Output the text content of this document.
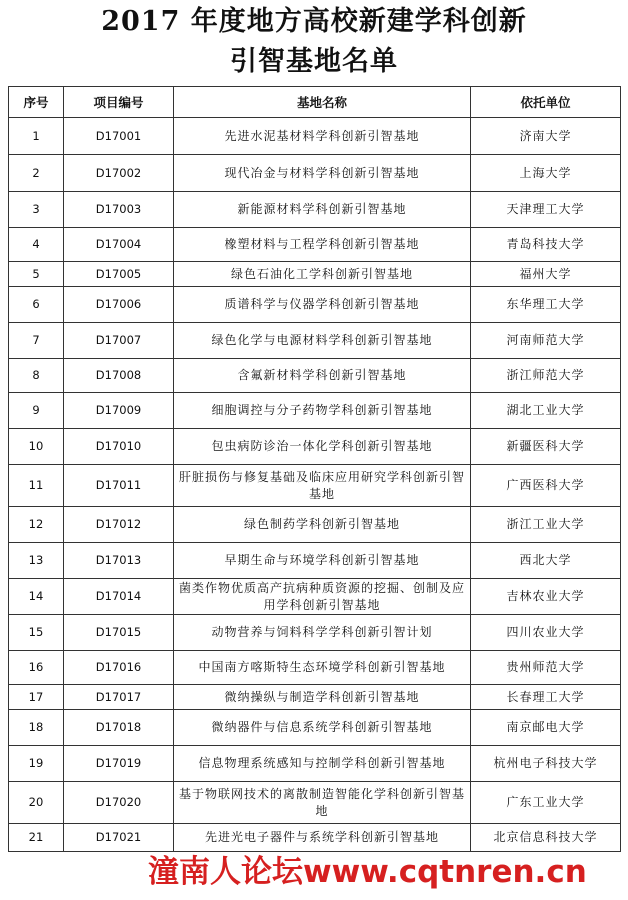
2017 年度地方高校新建学科创新
引智基地名单
序号	项目编号	基地名称	依托单位
1	D17001	先进水泥基材料学科创新引智基地	济南大学
2	D17002	现代冶金与材料学科创新引智基地	上海大学
3	D17003	新能源材料学科创新引智基地	天津理工大学
4	D17004	橡塑材料与工程学科创新引智基地	青岛科技大学
5	D17005	绿色石油化工学科创新引智基地	福州大学
6	D17006	质谱科学与仪器学科创新引智基地	东华理工大学
7	D17007	绿色化学与电源材料学科创新引智基地	河南师范大学
8	D17008	含氟新材料学科创新引智基地	浙江师范大学
9	D17009	细胞调控与分子药物学科创新引智基地	湖北工业大学
10	D17010	包虫病防诊治一体化学科创新引智基地	新疆医科大学
11	D17011	肝脏损伤与修复基础及临床应用研究学科创新引智基地	广西医科大学
12	D17012	绿色制药学科创新引智基地	浙江工业大学
13	D17013	早期生命与环境学科创新引智基地	西北大学
14	D17014	菌类作物优质高产抗病种质资源的挖掘、创制及应用学科创新引智基地	吉林农业大学
15	D17015	动物营养与饲料科学学科创新引智计划	四川农业大学
16	D17016	中国南方喀斯特生态环境学科创新引智基地	贵州师范大学
17	D17017	微纳操纵与制造学科创新引智基地	长春理工大学
18	D17018	微纳器件与信息系统学科创新引智基地	南京邮电大学
19	D17019	信息物理系统感知与控制学科创新引智基地	杭州电子科技大学
20	D17020	基于物联网技术的离散制造智能化学科创新引智基地	广东工业大学
21	D17021	先进光电子器件与系统学科创新引智基地	北京信息科技大学
潼南人论坛www.cqtnren.cn
